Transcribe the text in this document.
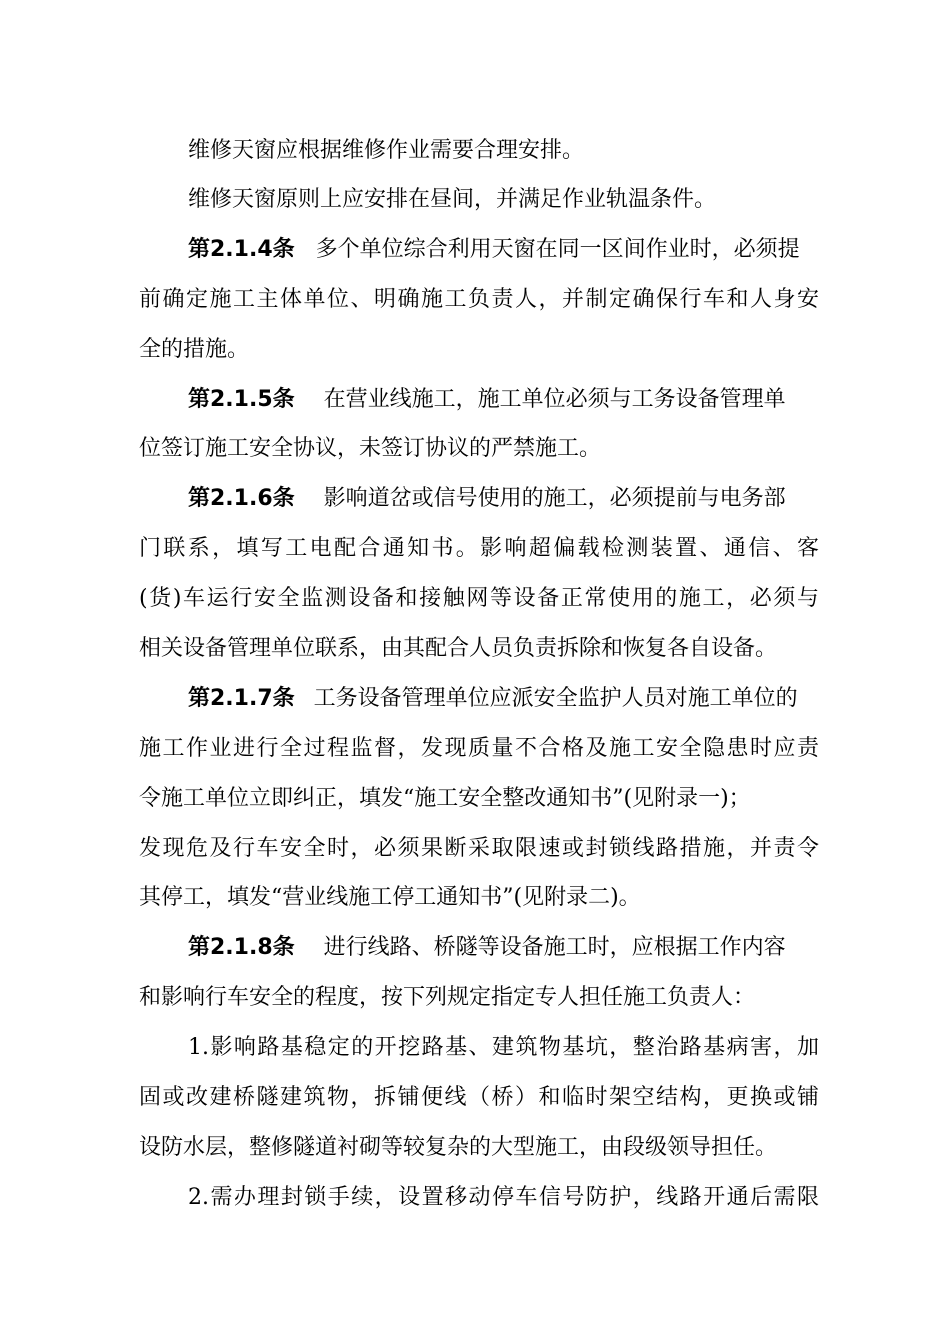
维修天窗应根据维修作业需要合理安排。
维修天窗原则上应安排在昼间，并满足作业轨温条件。
第2.1.4条 多个单位综合利用天窗在同一区间作业时，必须提
前确定施工主体单位、明确施工负责人，并制定确保行车和人身安
全的措施。
第2.1.5条 在营业线施工，施工单位必须与工务设备管理单
位签订施工安全协议，未签订协议的严禁施工。
第2.1.6条 影响道岔或信号使用的施工，必须提前与电务部
门联系，填写工电配合通知书。影响超偏载检测装置、通信、客
(货)车运行安全监测设备和接触网等设备正常使用的施工，必须与
相关设备管理单位联系，由其配合人员负责拆除和恢复各自设备。
第2.1.7条 工务设备管理单位应派安全监护人员对施工单位的
施工作业进行全过程监督，发现质量不合格及施工安全隐患时应责
令施工单位立即纠正，填发“施工安全整改通知书”(见附录一)；
发现危及行车安全时，必须果断采取限速或封锁线路措施，并责令
其停工，填发“营业线施工停工通知书”(见附录二)。
第2.1.8条 进行线路、桥隧等设备施工时，应根据工作内容
和影响行车安全的程度，按下列规定指定专人担任施工负责人：
1.影响路基稳定的开挖路基、建筑物基坑，整治路基病害，加
固或改建桥隧建筑物，拆铺便线（桥）和临时架空结构，更换或铺
设防水层，整修隧道衬砌等较复杂的大型施工，由段级领导担任。
2.需办理封锁手续，设置移动停车信号防护，线路开通后需限
